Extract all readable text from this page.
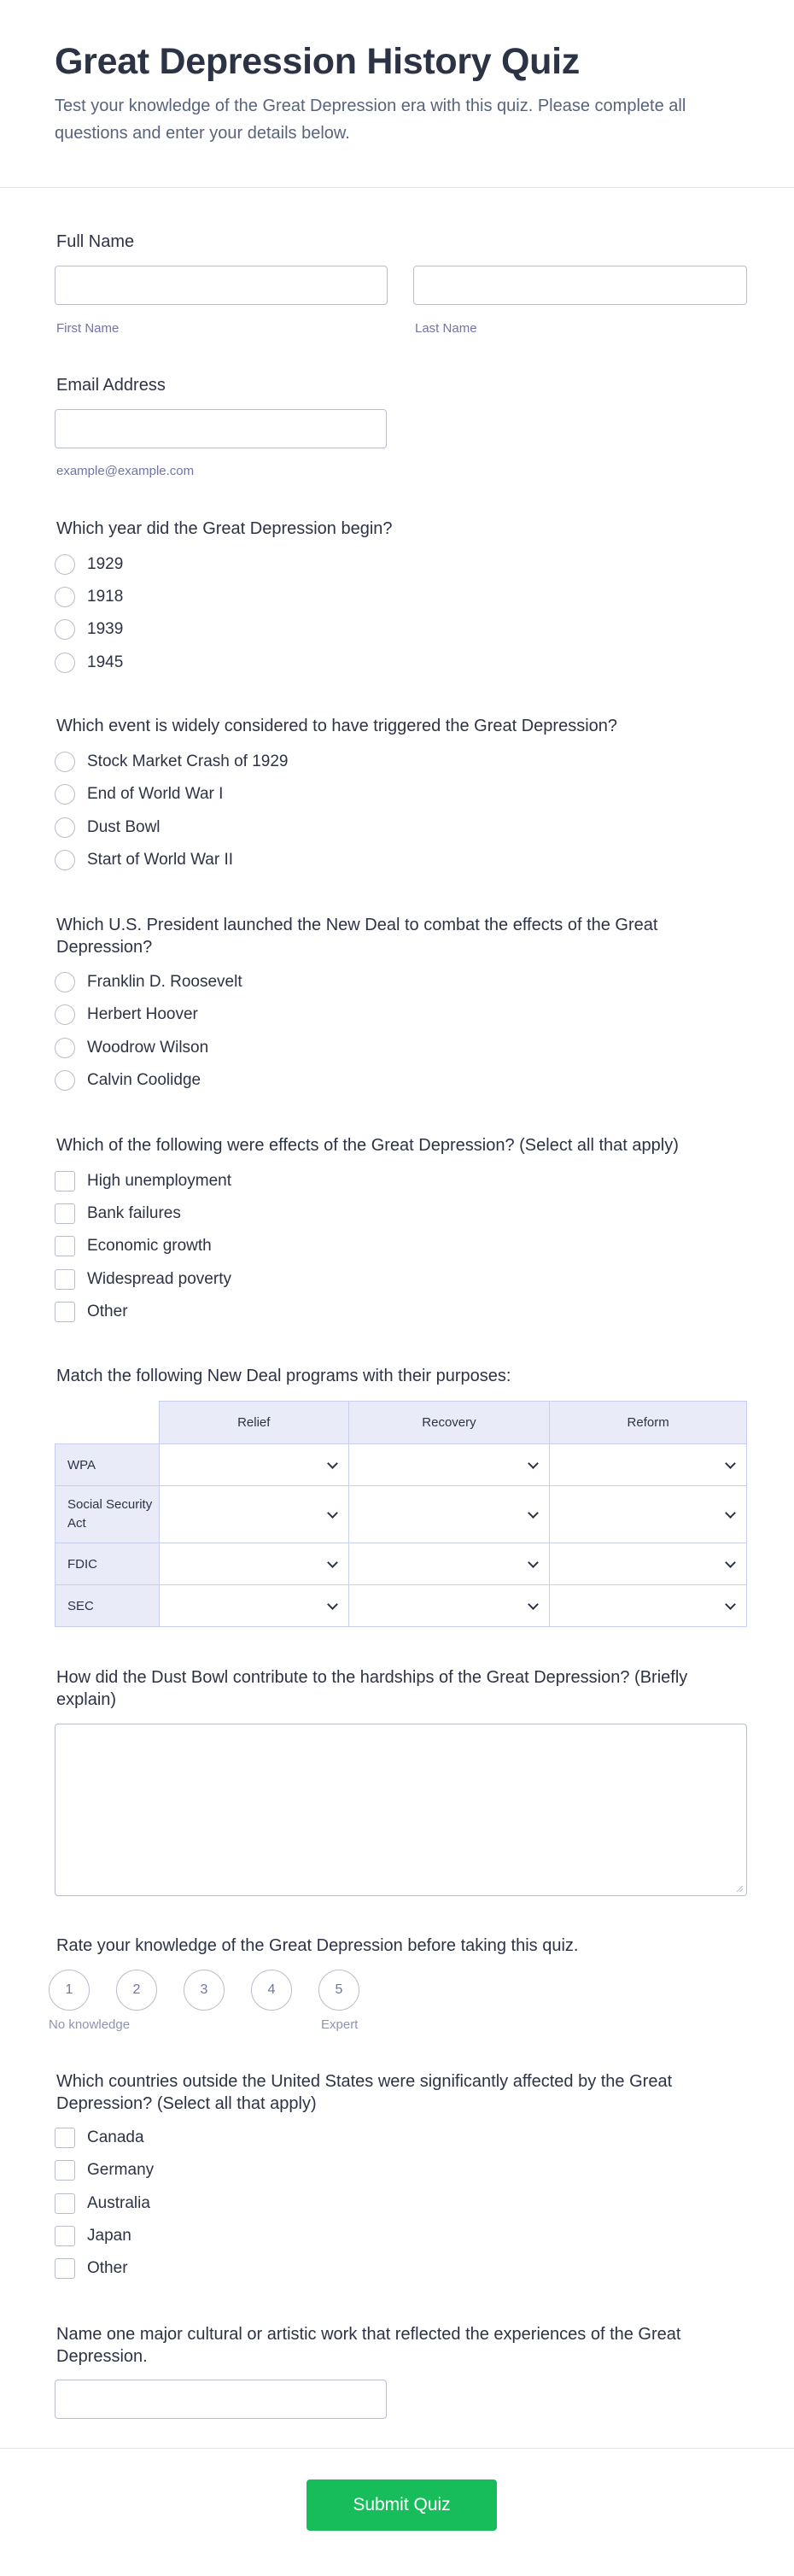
Great Depression History Quiz
Test your knowledge of the Great Depression era with this quiz. Please complete all questions and enter your details below.
Full Name
First Name	Last Name
Email Address
example@example.com
Which year did the Great Depression begin?
1929
1918
1939
1945
Which event is widely considered to have triggered the Great Depression?
Stock Market Crash of 1929
End of World War I
Dust Bowl
Start of World War II
Which U.S. President launched the New Deal to combat the effects of the Great Depression?
Franklin D. Roosevelt
Herbert Hoover
Woodrow Wilson
Calvin Coolidge
Which of the following were effects of the Great Depression? (Select all that apply)
High unemployment
Bank failures
Economic growth
Widespread poverty
Other
Match the following New Deal programs with their purposes:
	Relief	Recovery	Reform
WPA	

Social Security Act	

FDIC	

SEC	

How did the Dust Bowl contribute to the hardships of the Great Depression? (Briefly explain)
Rate your knowledge of the Great Depression before taking this quiz.
1	2	3	4	5
No knowledge	Expert
Which countries outside the United States were significantly affected by the Great Depression? (Select all that apply)
Canada
Germany
Australia
Japan
Other
Name one major cultural or artistic work that reflected the experiences of the Great Depression.
Submit Quiz
